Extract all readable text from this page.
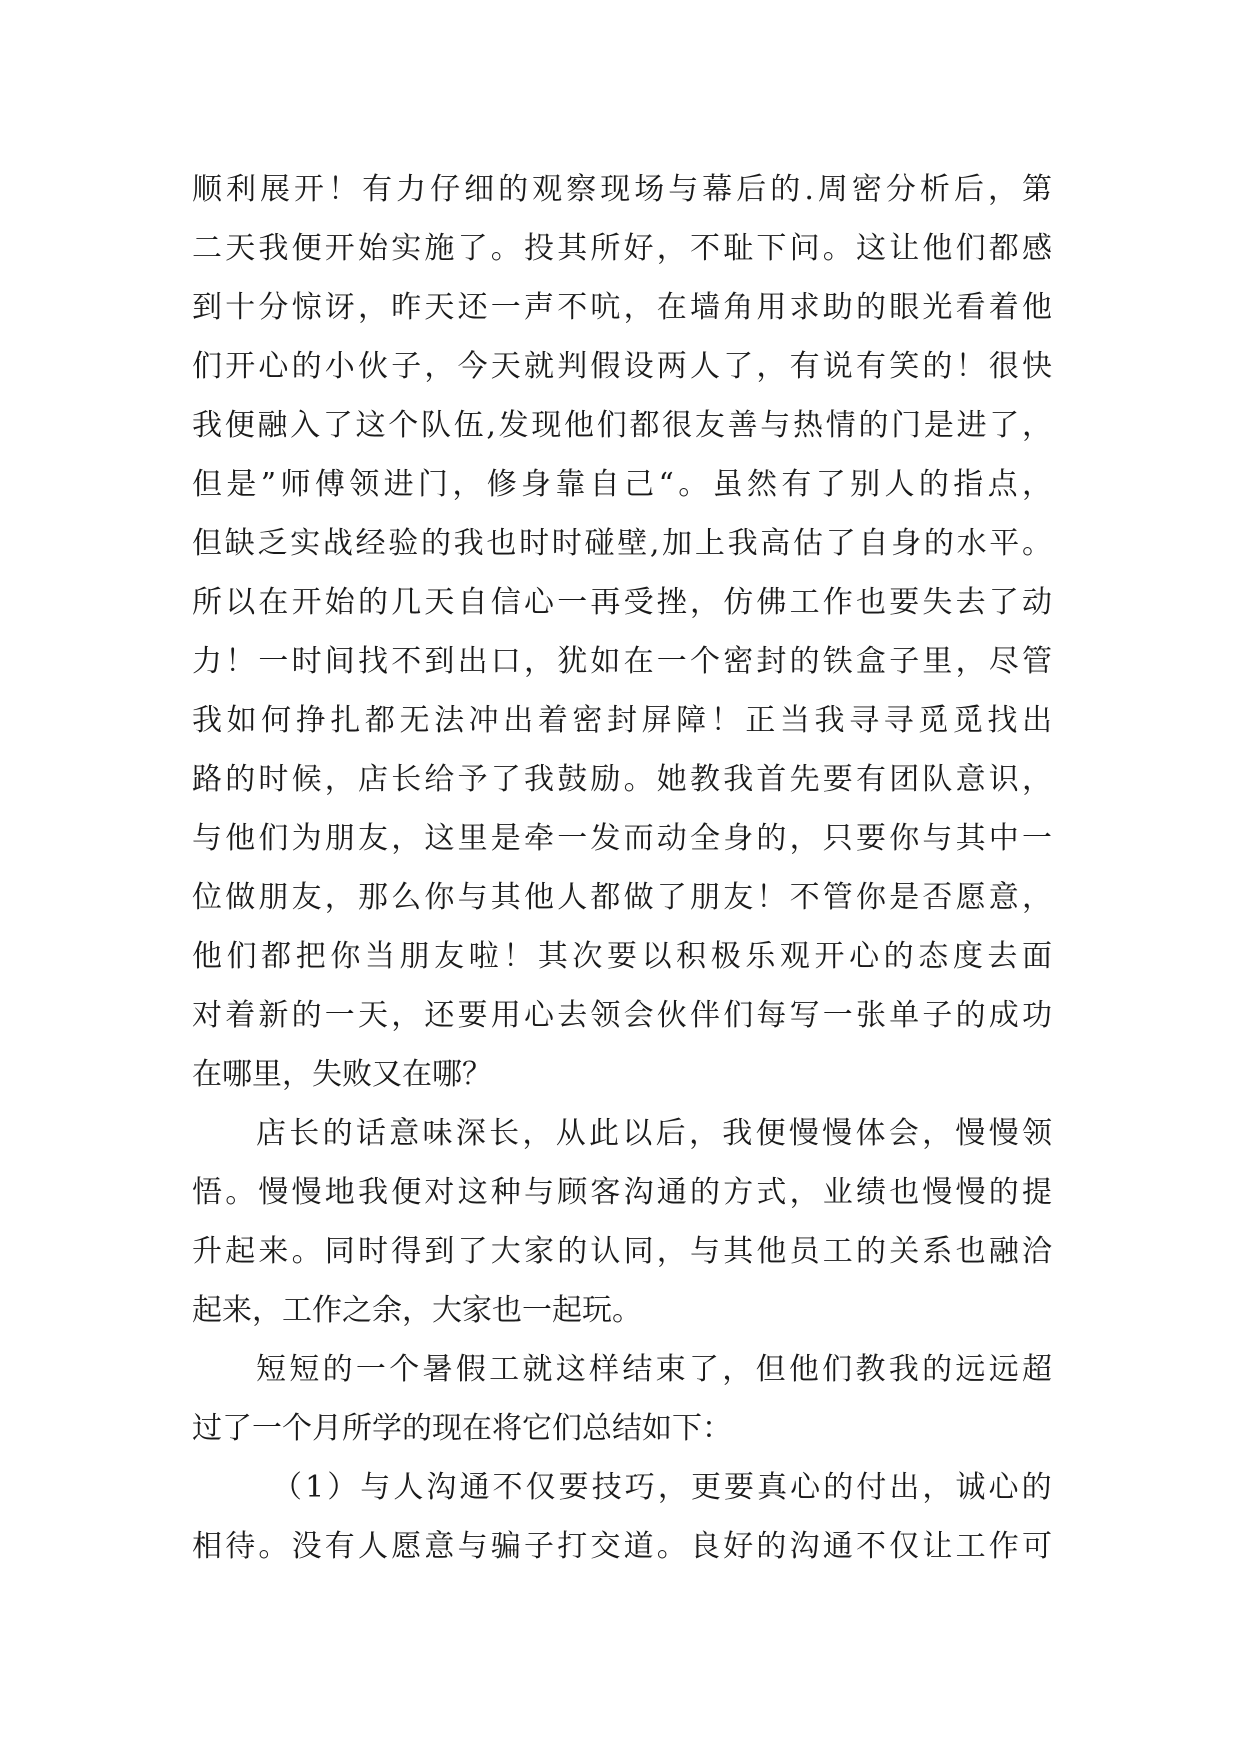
顺利展开！有力仔细的观察现场与幕后的.周密分析后，第
二天我便开始实施了。投其所好，不耻下问。这让他们都感
到十分惊讶，昨天还一声不吭，在墙角用求助的眼光看着他
们开心的小伙子，今天就判假设两人了，有说有笑的！很快
我便融入了这个队伍,发现他们都很友善与热情的门是进了，
但是”师傅领进门，修身靠自己“。虽然有了别人的指点，
但缺乏实战经验的我也时时碰壁,加上我高估了自身的水平。
所以在开始的几天自信心一再受挫，仿佛工作也要失去了动
力！一时间找不到出口，犹如在一个密封的铁盒子里，尽管
我如何挣扎都无法冲出着密封屏障！正当我寻寻觅觅找出
路的时候，店长给予了我鼓励。她教我首先要有团队意识，
与他们为朋友，这里是牵一发而动全身的，只要你与其中一
位做朋友，那么你与其他人都做了朋友！不管你是否愿意，
他们都把你当朋友啦！其次要以积极乐观开心的态度去面
对着新的一天，还要用心去领会伙伴们每写一张单子的成功
在哪里，失败又在哪？
店长的话意味深长，从此以后，我便慢慢体会，慢慢领
悟。慢慢地我便对这种与顾客沟通的方式，业绩也慢慢的提
升起来。同时得到了大家的认同，与其他员工的关系也融洽
起来，工作之余，大家也一起玩。
短短的一个暑假工就这样结束了，但他们教我的远远超
过了一个月所学的现在将它们总结如下：
（1）与人沟通不仅要技巧，更要真心的付出，诚心的
相待。没有人愿意与骗子打交道。良好的沟通不仅让工作可
